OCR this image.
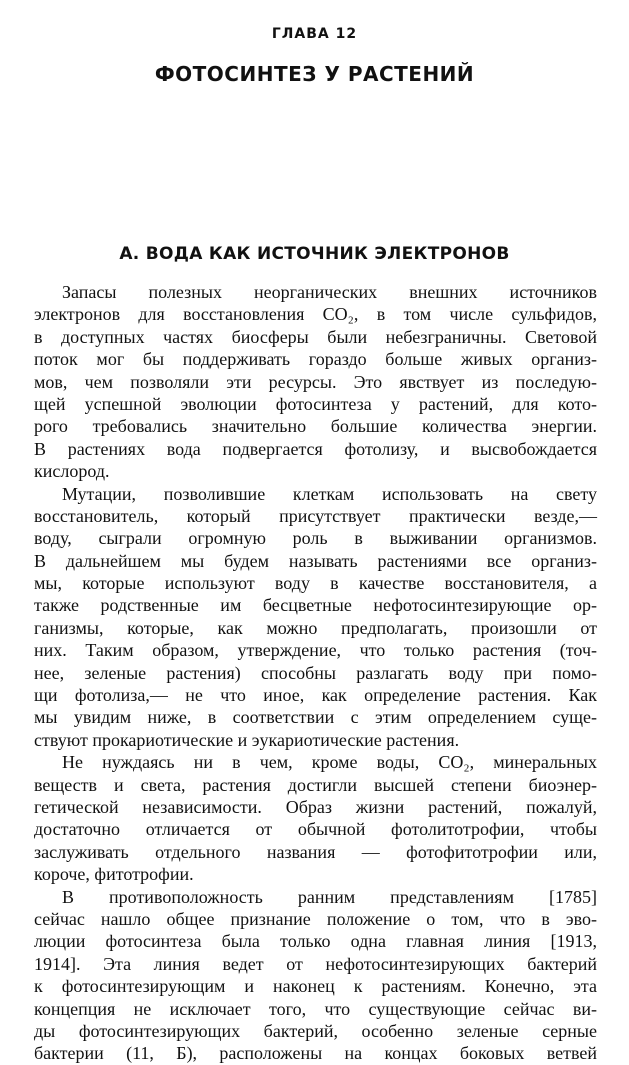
ГЛАВА 12
ФОТОСИНТЕЗ У РАСТЕНИЙ
А. ВОДА КАК ИСТОЧНИК ЭЛЕКТРОНОВ
Запасы полезных неорганических внешних источников
электронов для восстановления CO₂, в том числе сульфидов,
в доступных частях биосферы были небезграничны. Световой
поток мог бы поддерживать гораздо больше живых организ-
мов, чем позволяли эти ресурсы. Это явствует из последую-
щей успешной эволюции фотосинтеза у растений, для кото-
рого требовались значительно большие количества энергии.
В растениях вода подвергается фотолизу, и высвобождается
кислород.
Мутации, позволившие клеткам использовать на свету
восстановитель, который присутствует практически везде,—
воду, сыграли огромную роль в выживании организмов.
В дальнейшем мы будем называть растениями все организ-
мы, которые используют воду в качестве восстановителя, а
также родственные им бесцветные нефотосинтезирующие ор-
ганизмы, которые, как можно предполагать, произошли от
них. Таким образом, утверждение, что только растения (точ-
нее, зеленые растения) способны разлагать воду при помо-
щи фотолиза,— не что иное, как определение растения. Как
мы увидим ниже, в соответствии с этим определением суще-
ствуют прокариотические и эукариотические растения.
Не нуждаясь ни в чем, кроме воды, CO₂, минеральных
веществ и света, растения достигли высшей степени биоэнер-
гетической независимости. Образ жизни растений, пожалуй,
достаточно отличается от обычной фотолитотрофии, чтобы
заслуживать отдельного названия — фотофитотрофии или,
короче, фитотрофии.
В противоположность ранним представлениям [1785]
сейчас нашло общее признание положение о том, что в эво-
люции фотосинтеза была только одна главная линия [1913,
1914]. Эта линия ведет от нефотосинтезирующих бактерий
к фотосинтезирующим и наконец к растениям. Конечно, эта
концепция не исключает того, что существующие сейчас ви-
ды фотосинтезирующих бактерий, особенно зеленые серные
бактерии (11, Б), расположены на концах боковых ветвей
